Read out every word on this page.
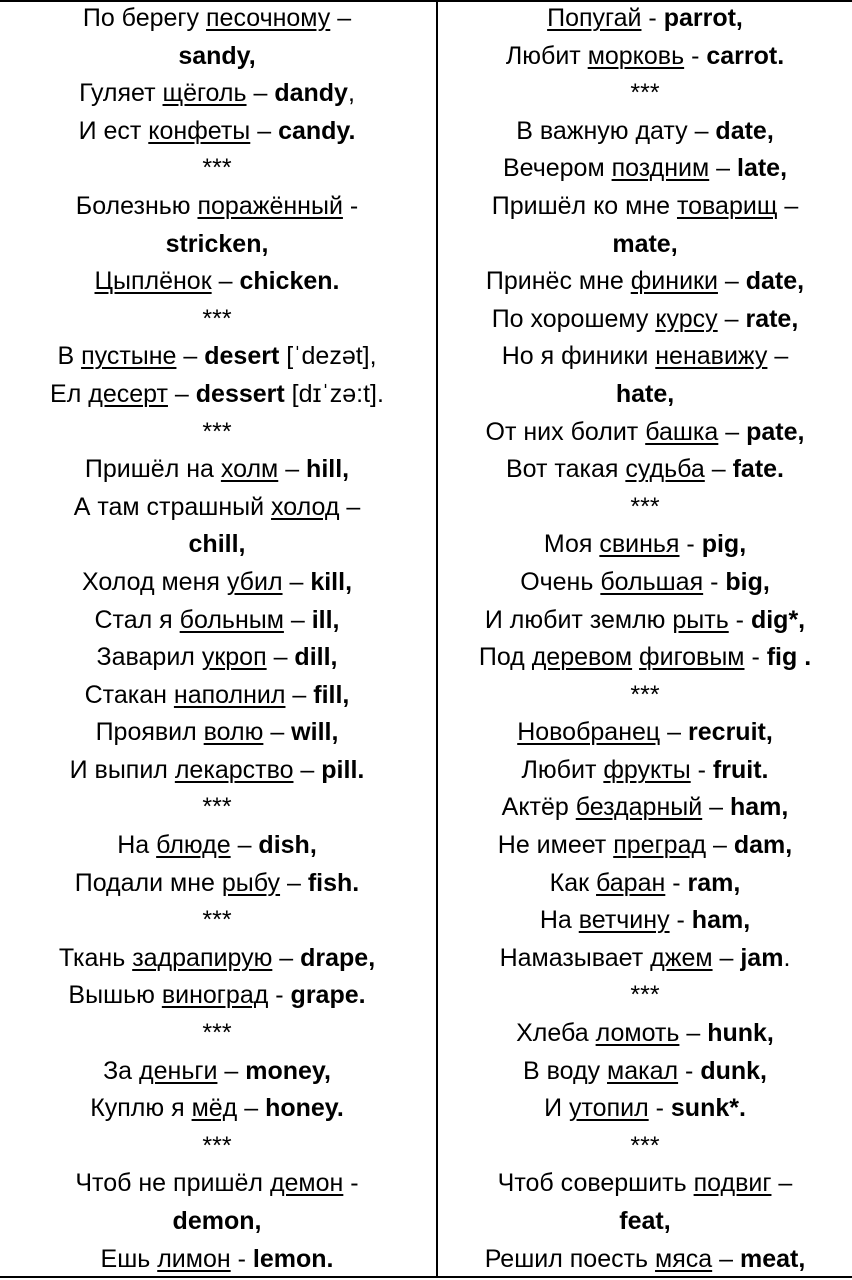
По берегу песочному –
sandy,
Гуляет щёголь – dandy,
И ест конфеты – candy.
***
Болезнью поражённый -
stricken,
Цыплёнок – chicken.
***
В пустыне – desert [ˈdezət],
Ел десерт – dessert [dɪˈzə:t].
***
Пришёл на холм – hill,
А там страшный холод –
chill,
Холод меня убил – kill,
Стал я больным – ill,
Заварил укроп – dill,
Стакан наполнил – fill,
Проявил волю – will,
И выпил лекарство – pill.
***
На блюде – dish,
Подали мне рыбу – fish.
***
Ткань задрапирую – drape,
Вышью виноград - grape.
***
За деньги – money,
Куплю я мёд – honey.
***
Чтоб не пришёл демон -
demon,
Ешь лимон - lemon.
Попугай - parrot,
Любит морковь - carrot.
***
В важную дату – date,
Вечером поздним – late,
Пришёл ко мне товарищ –
mate,
Принёс мне финики – date,
По хорошему курсу – rate,
Но я финики ненавижу –
hate,
От них болит башка – pate,
Вот такая судьба – fate.
***
Моя свинья - pig,
Очень большая - big,
И любит землю рыть - dig*,
Под деревом фиговым - fig .
***
Новобранец – recruit,
Любит фрукты - fruit.
Актёр бездарный – ham,
Не имеет преград – dam,
Как баран - ram,
На ветчину - ham,
Намазывает джем – jam.
***
Хлеба ломоть – hunk,
В воду макал - dunk,
И утопил - sunk*.
***
Чтоб совершить подвиг –
feat,
Решил поесть мяса – meat,
